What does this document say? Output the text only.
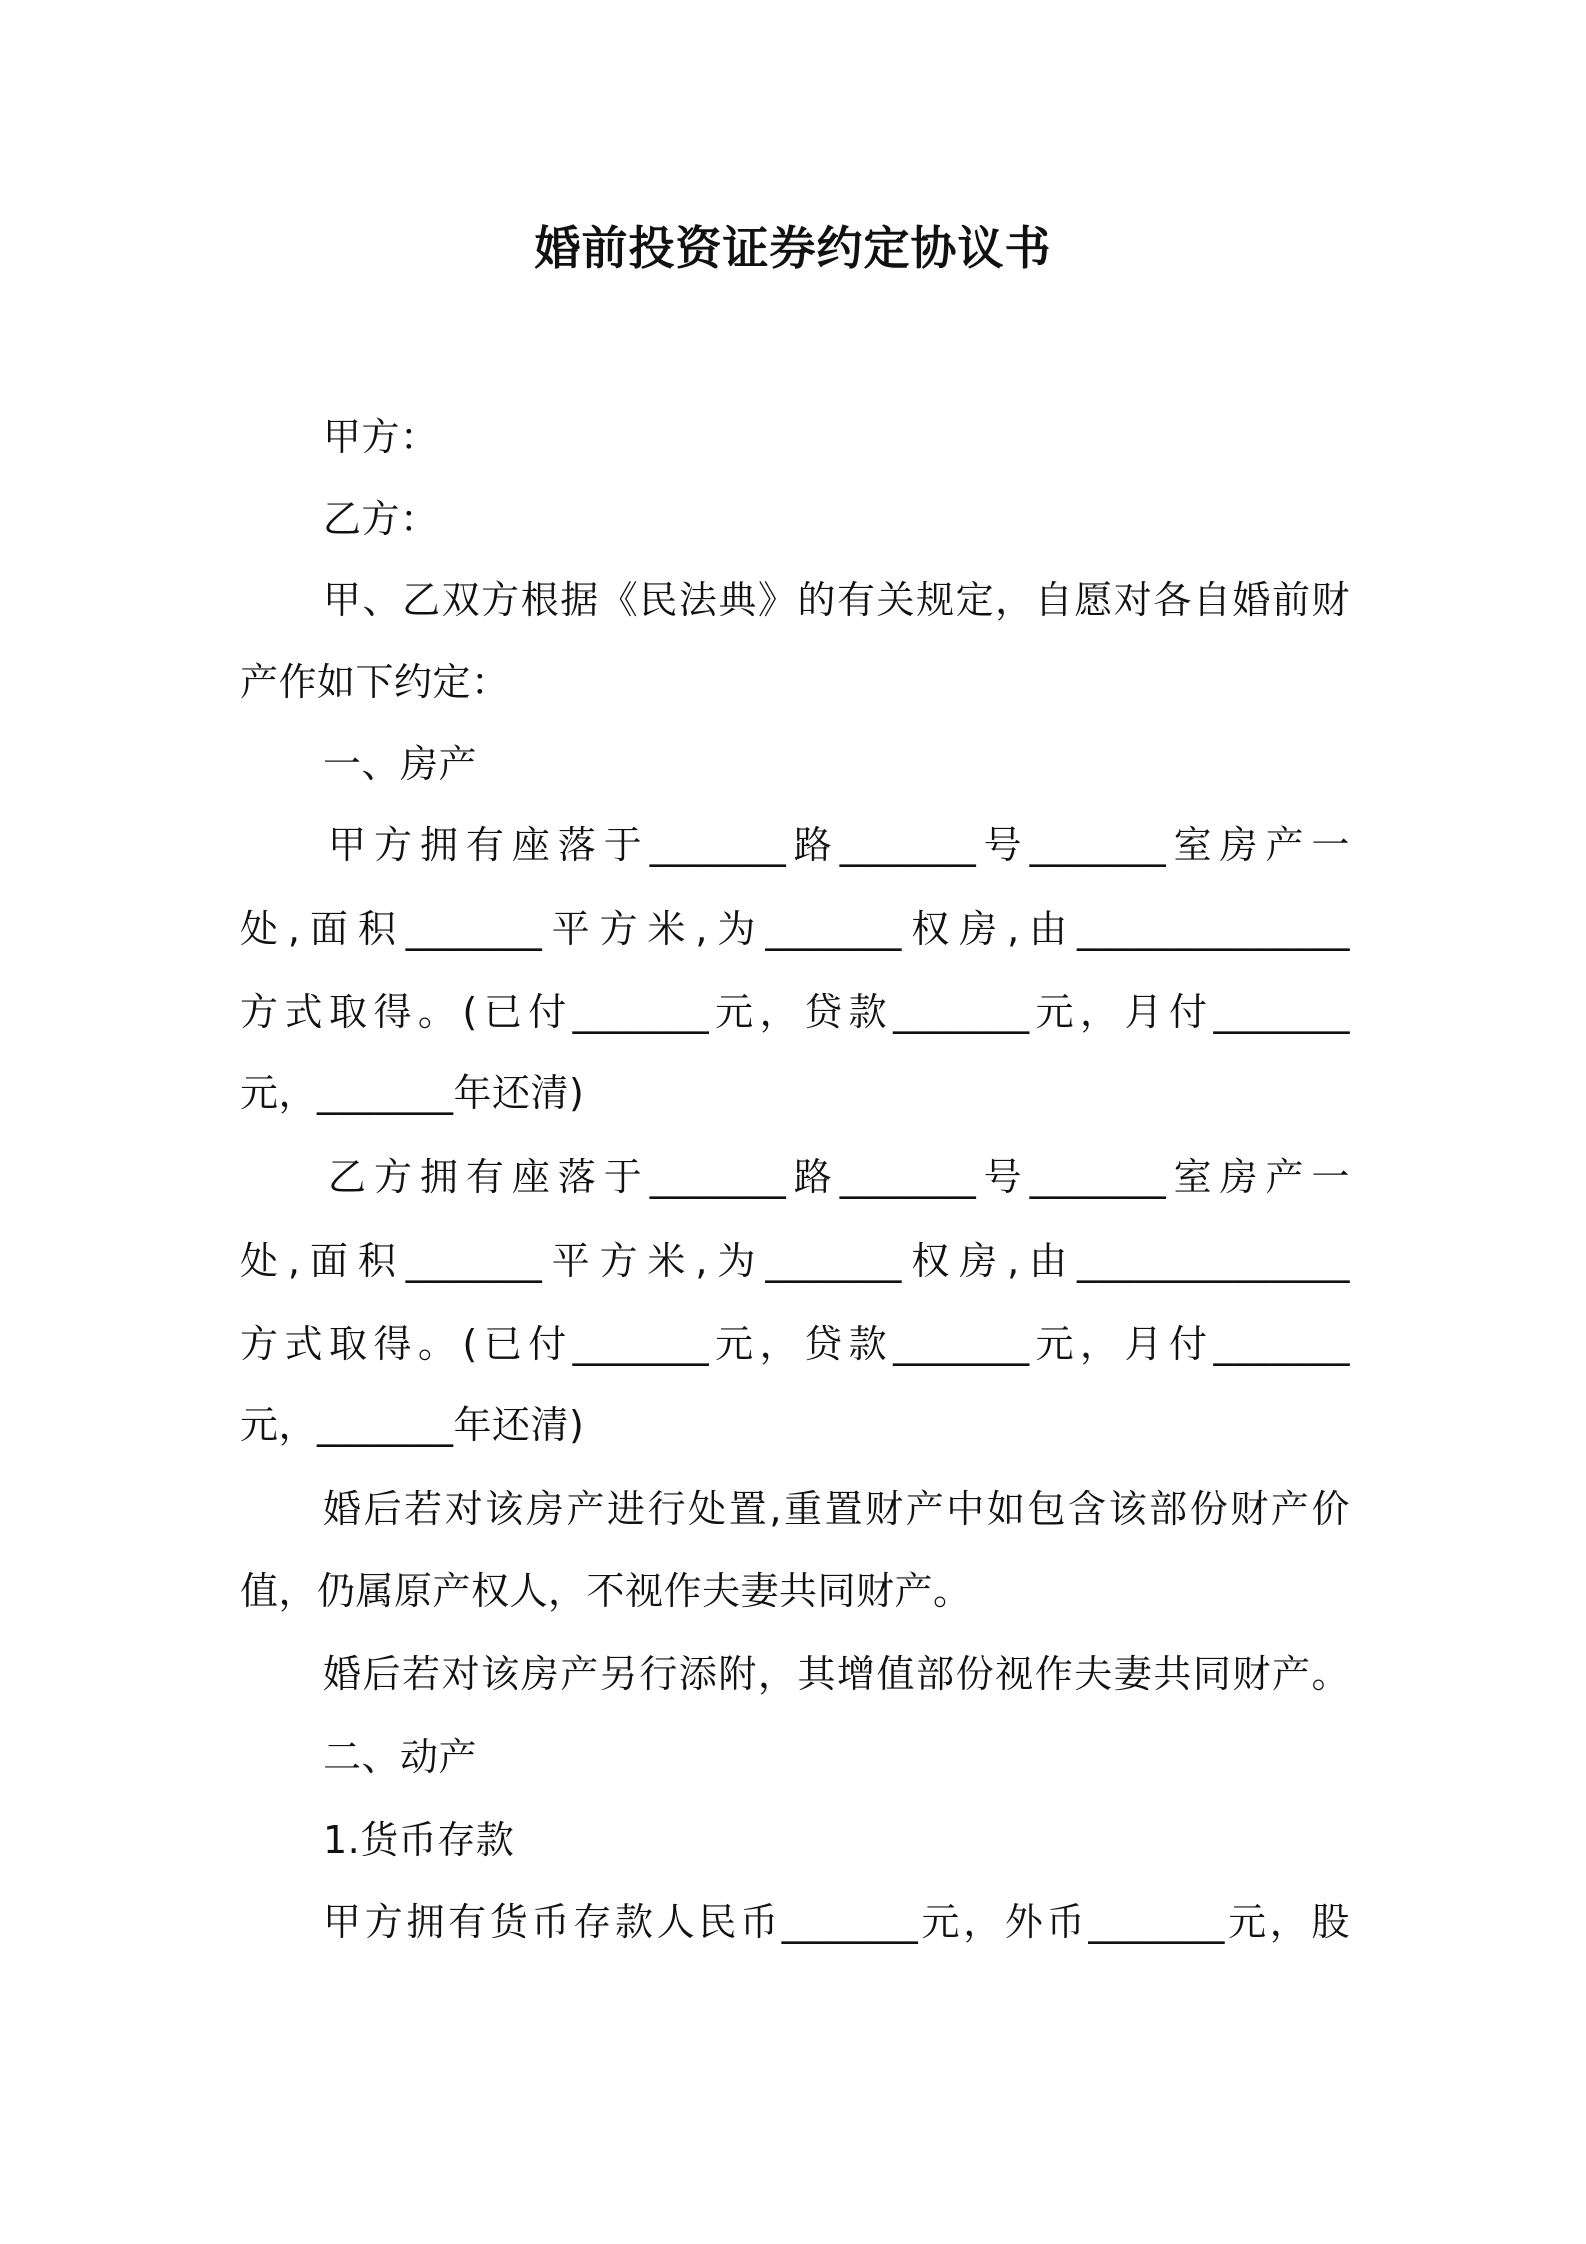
婚前投资证券约定协议书
甲方：
乙方：
甲、乙双方根据《民法典》的有关规定，自愿对各自婚前财
产作如下约定：
一、房产
甲方拥有座落于_______路_______号_______室房产一
处,面积_______平方米,为_______权房,由______________
方式取得。(已付_______元，贷款_______元，月付_______
元，_______年还清)
乙方拥有座落于_______路_______号_______室房产一
处,面积_______平方米,为_______权房,由______________
方式取得。(已付_______元，贷款_______元，月付_______
元，_______年还清)
婚后若对该房产进行处置,重置财产中如包含该部份财产价
值，仍属原产权人，不视作夫妻共同财产。
婚后若对该房产另行添附，其增值部份视作夫妻共同财产。
二、动产
1.货币存款
甲方拥有货币存款人民币_______元，外币_______元，股
